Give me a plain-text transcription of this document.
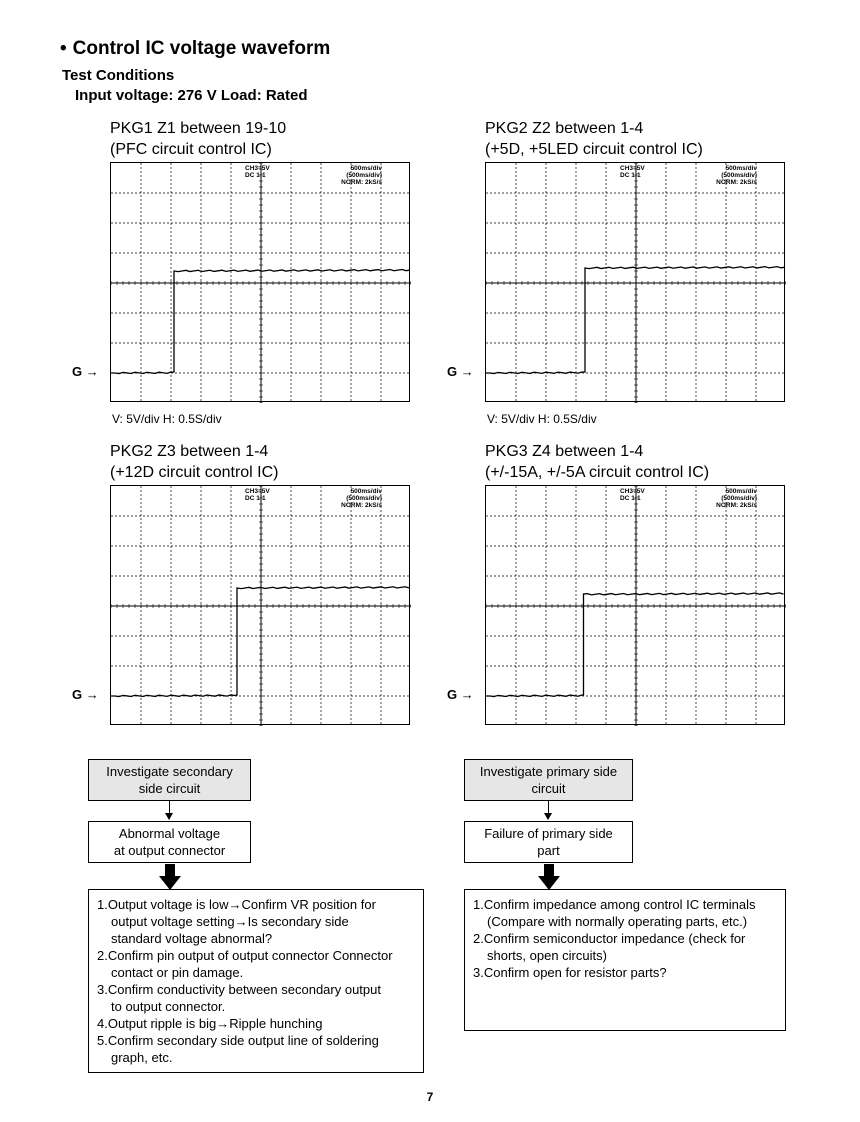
• Control IC voltage waveform
Test Conditions
Input voltage: 276 V Load: Rated
PKG1 Z1 between 19-10
(PFC circuit control IC)
CH3=5V
DC 1:1
500ms/div
(500ms/div)
NORM: 2kS/s
V: 5V/div H: 0.5S/div
G →
PKG2 Z2 between 1-4
(+5D, +5LED circuit control IC)
CH3=5V
DC 1:1
500ms/div
(500ms/div)
NORM: 2kS/s
V: 5V/div H: 0.5S/div
G →
PKG2 Z3 between 1-4
(+12D circuit control IC)
CH3=5V
DC 1:1
500ms/div
(500ms/div)
NORM: 2kS/s
G →
PKG3 Z4 between 1-4
(+/-15A, +/-5A circuit control IC)
CH3=5V
DC 1:1
500ms/div
(500ms/div)
NORM: 2kS/s
G →
Investigate secondary
side circuit
Abnormal voltage
at output connector
1.Output voltage is low→Confirm VR position for
output voltage setting→Is secondary side
standard voltage abnormal?
2.Confirm pin output of output connector Connector
contact or pin damage.
3.Confirm conductivity between secondary output
to output connector.
4.Output ripple is big→Ripple hunching
5.Confirm secondary side output line of soldering
graph, etc.
Investigate primary side
circuit
Failure of primary side
part
1.Confirm impedance among control IC terminals
(Compare with normally operating parts, etc.)
2.Confirm semiconductor impedance (check for
shorts, open circuits)
3.Confirm open for resistor parts?
7
